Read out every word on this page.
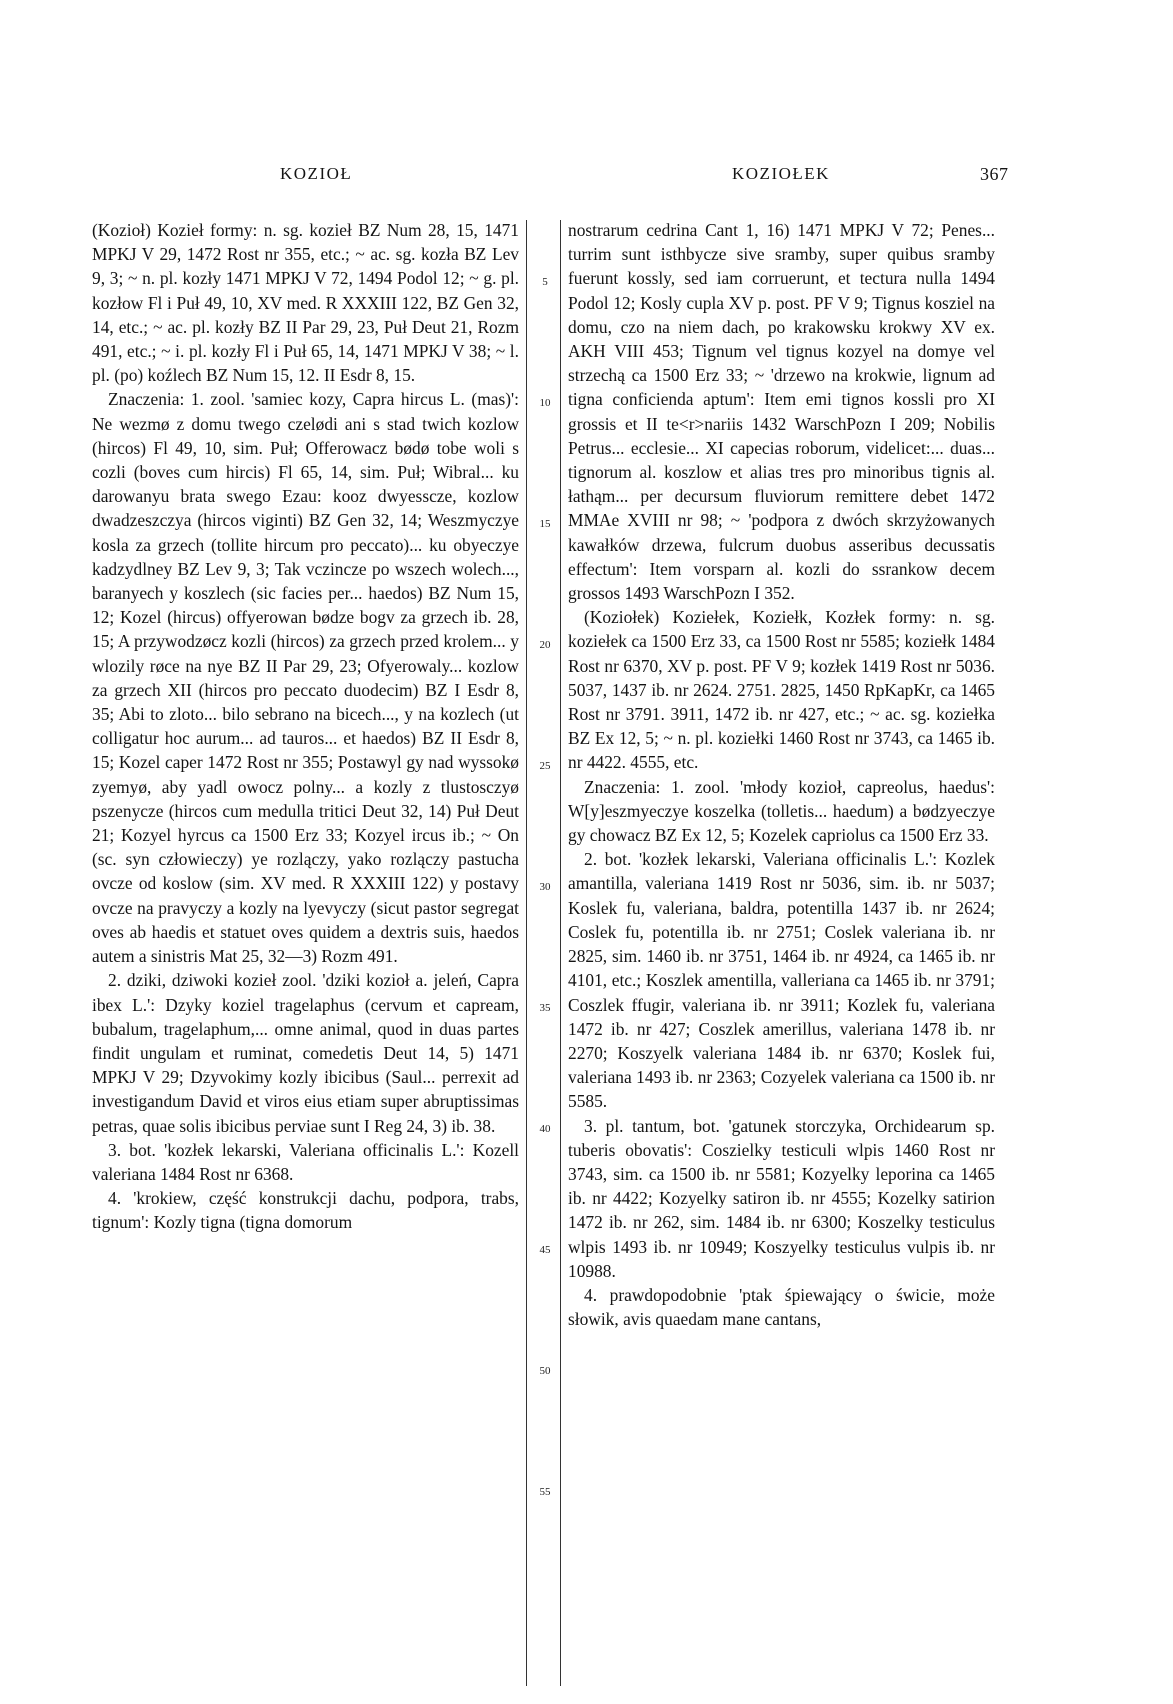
KOZIOŁ	KOZIOŁEK	367
5
10
15
20
25
30
35
40
45
50
55

(Kozioł) Kozieł formy: n. sg. kozieł BZ Num 28, 15, 1471 MPKJ V 29, 1472 Rost nr 355, etc.; ~ ac. sg. kozła BZ Lev 9, 3; ~ n. pl. kozły 1471 MPKJ V 72, 1494 Podol 12; ~ g. pl. kozłow Fl i Puł 49, 10, XV med. R XXXIII 122, BZ Gen 32, 14, etc.; ~ ac. pl. kozły BZ II Par 29, 23, Puł Deut 21, Rozm 491, etc.; ~ i. pl. kozły Fl i Puł 65, 14, 1471 MPKJ V 38; ~ l. pl. (po) koźlech BZ Num 15, 12. II Esdr 8, 15.

Znaczenia: 1. zool. 'samiec kozy, Capra hircus L. (mas)': Ne wezmø z domu twego czelødi ani s stad twich kozlow (hircos) Fl 49, 10, sim. Puł; Offerowacz bødø tobe woli s cozli (boves cum hircis) Fl 65, 14, sim. Puł; Wibral... ku darowanyu brata swego Ezau: kooz dwyesscze, kozlow dwadzeszczya (hircos viginti) BZ Gen 32, 14; Weszmyczye kosla za grzech (tollite hircum pro peccato)... ku obyeczye kadzydlney BZ Lev 9, 3; Tak vczincze po wszech wolech..., baranyech y koszlech (sic facies per... haedos) BZ Num 15, 12; Kozel (hircus) offyerowan bødze bogv za grzech ib. 28, 15; A przywodzøcz kozli (hircos) za grzech przed krolem... y wlozily røce na nye BZ II Par 29, 23; Ofyerowaly... kozlow za grzech XII (hircos pro peccato duodecim) BZ I Esdr 8, 35; Abi to zloto... bilo sebrano na bicech..., y na kozlech (ut colligatur hoc aurum... ad tauros... et haedos) BZ II Esdr 8, 15; Kozel caper 1472 Rost nr 355; Postawyl gy nad wyssokø zyemyø, aby yadl owocz polny... a kozly z tlustosczyø pszenycze (hircos cum medulla tritici Deut 32, 14) Puł Deut 21; Kozyel hyrcus ca 1500 Erz 33; Kozyel ircus ib.; ~ On (sc. syn człowieczy) ye rozlączy, yako rozlączy pastucha ovcze od koslow (sim. XV med. R XXXIII 122) y postavy ovcze na pravyczy a kozly na lyevyczy (sicut pastor segregat oves ab haedis et statuet oves quidem a dextris suis, haedos autem a sinistris Mat 25, 32—3) Rozm 491.

2. dziki, dziwoki kozieł zool. 'dziki kozioł a. jeleń, Capra ibex L.': Dzyky koziel tragelaphus (cervum et capream, bubalum, tragelaphum,... omne animal, quod in duas partes findit ungulam et ruminat, comedetis Deut 14, 5) 1471 MPKJ V 29; Dzyvokimy kozly ibicibus (Saul... perrexit ad investigandum David et viros eius etiam super abruptissimas petras, quae solis ibicibus perviae sunt I Reg 24, 3) ib. 38.

3. bot. 'kozłek lekarski, Valeriana officinalis L.': Kozell valeriana 1484 Rost nr 6368.

4. 'krokiew, część konstrukcji dachu, podpora, trabs, tignum': Kozly tigna (tigna domorum

nostrarum cedrina Cant 1, 16) 1471 MPKJ V 72; Penes... turrim sunt isthbycze sive sramby, super quibus sramby fuerunt kossly, sed iam corruerunt, et tectura nulla 1494 Podol 12; Kosly cupla XV p. post. PF V 9; Tignus kosziel na domu, czo na niem dach, po krakowsku krokwy XV ex. AKH VIII 453; Tignum vel tignus kozyel na domye vel strzechą ca 1500 Erz 33; ~ 'drzewo na krokwie, lignum ad tigna conficienda aptum': Item emi tignos kossli pro XI grossis et II te<r>nariis 1432 WarschPozn I 209; Nobilis Petrus... ecclesie... XI capecias roborum, videlicet:... duas... tignorum al. koszlow et alias tres pro minoribus tignis al. łathąm... per decursum fluviorum remittere debet 1472 MMAe XVIII nr 98; ~ 'podpora z dwóch skrzyżowanych kawałków drzewa, fulcrum duobus asseribus decussatis effectum': Item vorsparn al. kozli do ssrankow decem grossos 1493 WarschPozn I 352.

(Koziołek) Koziełek, Koziełk, Kozłek formy: n. sg. koziełek ca 1500 Erz 33, ca 1500 Rost nr 5585; koziełk 1484 Rost nr 6370, XV p. post. PF V 9; kozłek 1419 Rost nr 5036. 5037, 1437 ib. nr 2624. 2751. 2825, 1450 RpKapKr, ca 1465 Rost nr 3791. 3911, 1472 ib. nr 427, etc.; ~ ac. sg. koziełka BZ Ex 12, 5; ~ n. pl. koziełki 1460 Rost nr 3743, ca 1465 ib. nr 4422. 4555, etc.

Znaczenia: 1. zool. 'młody kozioł, capreolus, haedus': W[y]eszmyeczye koszelka (tolletis... haedum) a bødzyeczye gy chowacz BZ Ex 12, 5; Kozelek capriolus ca 1500 Erz 33.

2. bot. 'kozłek lekarski, Valeriana officinalis L.': Kozlek amantilla, valeriana 1419 Rost nr 5036, sim. ib. nr 5037; Koslek fu, valeriana, baldra, potentilla 1437 ib. nr 2624; Coslek fu, potentilla ib. nr 2751; Coslek valeriana ib. nr 2825, sim. 1460 ib. nr 3751, 1464 ib. nr 4924, ca 1465 ib. nr 4101, etc.; Koszlek amentilla, valleriana ca 1465 ib. nr 3791; Coszlek ffugir, valeriana ib. nr 3911; Kozlek fu, valeriana 1472 ib. nr 427; Coszlek amerillus, valeriana 1478 ib. nr 2270; Koszyelk valeriana 1484 ib. nr 6370; Koslek fui, valeriana 1493 ib. nr 2363; Cozyelek valeriana ca 1500 ib. nr 5585.

3. pl. tantum, bot. 'gatunek storczyka, Orchidearum sp. tuberis obovatis': Coszielky testiculi wlpis 1460 Rost nr 3743, sim. ca 1500 ib. nr 5581; Kozyelky leporina ca 1465 ib. nr 4422; Kozyelky satiron ib. nr 4555; Kozelky satirion 1472 ib. nr 262, sim. 1484 ib. nr 6300; Koszelky testiculus wlpis 1493 ib. nr 10949; Koszyelky testiculus vulpis ib. nr 10988.

4. prawdopodobnie 'ptak śpiewający o świcie, może słowik, avis quaedam mane cantans,
